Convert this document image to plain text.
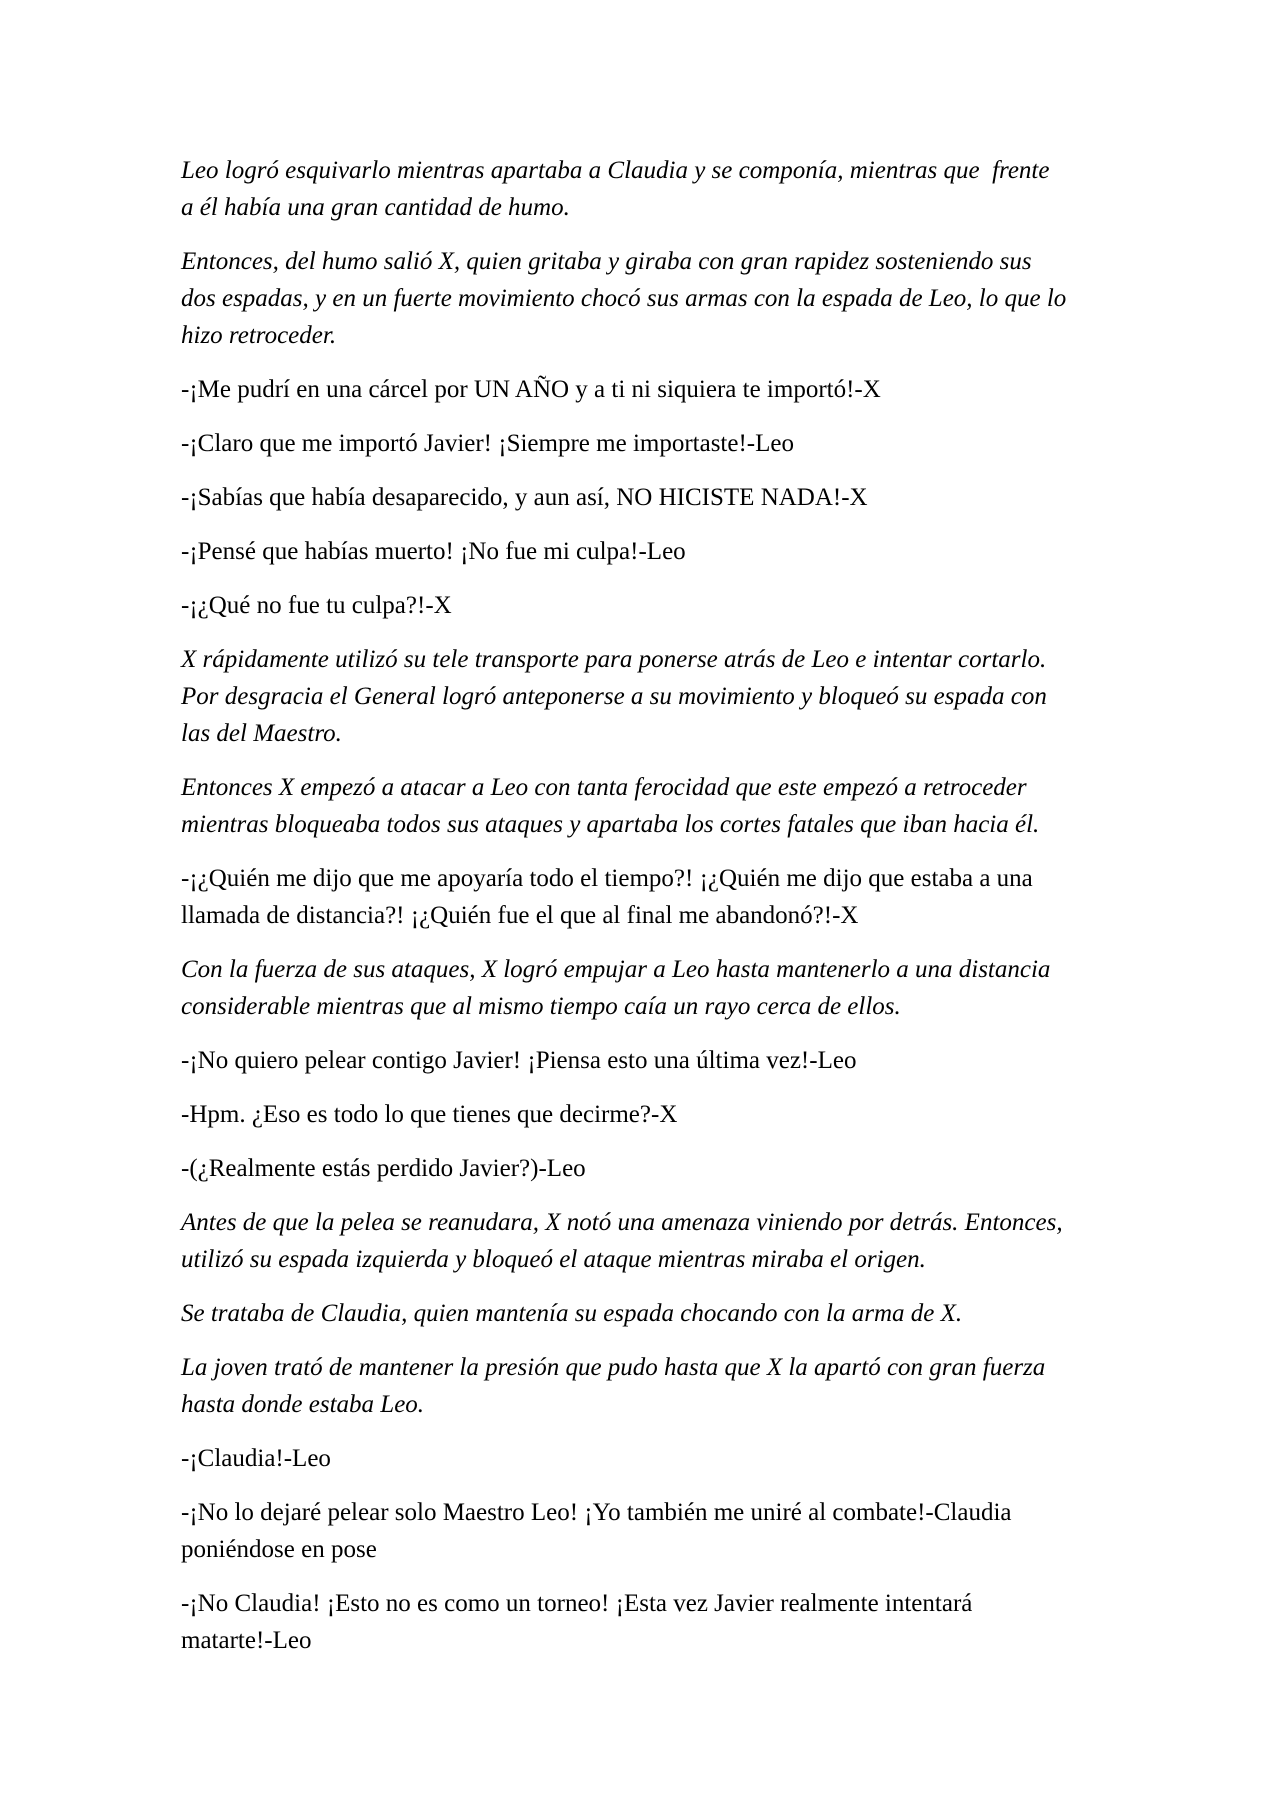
Leo logró esquivarlo mientras apartaba a Claudia y se componía, mientras que  frente
a él había una gran cantidad de humo.

Entonces, del humo salió X, quien gritaba y giraba con gran rapidez sosteniendo sus
dos espadas, y en un fuerte movimiento chocó sus armas con la espada de Leo, lo que lo
hizo retroceder.

-¡Me pudrí en una cárcel por UN AÑO y a ti ni siquiera te importó!-X

-¡Claro que me importó Javier! ¡Siempre me importaste!-Leo

-¡Sabías que había desaparecido, y aun así, NO HICISTE NADA!-X

-¡Pensé que habías muerto! ¡No fue mi culpa!-Leo

-¡¿Qué no fue tu culpa?!-X

X rápidamente utilizó su tele transporte para ponerse atrás de Leo e intentar cortarlo.
Por desgracia el General logró anteponerse a su movimiento y bloqueó su espada con
las del Maestro.

Entonces X empezó a atacar a Leo con tanta ferocidad que este empezó a retroceder
mientras bloqueaba todos sus ataques y apartaba los cortes fatales que iban hacia él.

-¡¿Quién me dijo que me apoyaría todo el tiempo?! ¡¿Quién me dijo que estaba a una
llamada de distancia?! ¡¿Quién fue el que al final me abandonó?!-X

Con la fuerza de sus ataques, X logró empujar a Leo hasta mantenerlo a una distancia
considerable mientras que al mismo tiempo caía un rayo cerca de ellos.

-¡No quiero pelear contigo Javier! ¡Piensa esto una última vez!-Leo

-Hpm. ¿Eso es todo lo que tienes que decirme?-X

-(¿Realmente estás perdido Javier?)-Leo

Antes de que la pelea se reanudara, X notó una amenaza viniendo por detrás. Entonces,
utilizó su espada izquierda y bloqueó el ataque mientras miraba el origen.

Se trataba de Claudia, quien mantenía su espada chocando con la arma de X.

La joven trató de mantener la presión que pudo hasta que X la apartó con gran fuerza
hasta donde estaba Leo.

-¡Claudia!-Leo

-¡No lo dejaré pelear solo Maestro Leo! ¡Yo también me uniré al combate!-Claudia
poniéndose en pose

-¡No Claudia! ¡Esto no es como un torneo! ¡Esta vez Javier realmente intentará
matarte!-Leo
